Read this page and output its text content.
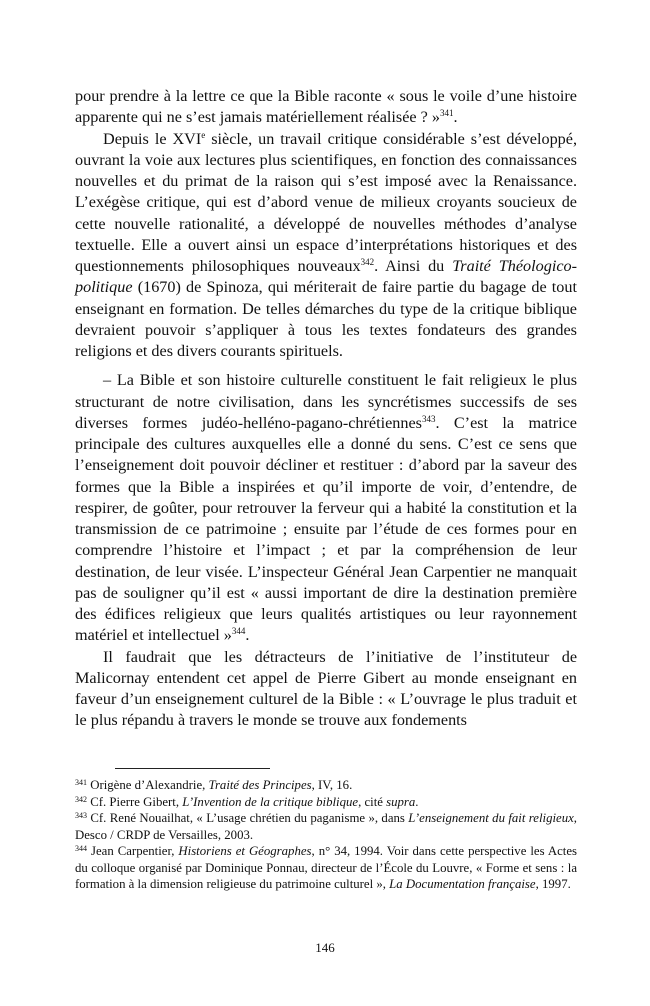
pour prendre à la lettre ce que la Bible raconte « sous le voile d’une histoire apparente qui ne s’est jamais matériellement réalisée ? »$^{341}$.

Depuis le XVIe siècle, un travail critique considérable s’est développé, ouvrant la voie aux lectures plus scientifiques, en fonction des connaissances nouvelles et du primat de la raison qui s’est imposé avec la Renaissance. L’exégèse critique, qui est d’abord venue de milieux croyants soucieux de cette nouvelle rationalité, a développé de nouvelles méthodes d’analyse textuelle. Elle a ouvert ainsi un espace d’interprétations historiques et des questionnements philosophiques nouveaux$^{342}$. Ainsi du Traité Théologico-politique (1670) de Spinoza, qui mériterait de faire partie du bagage de tout enseignant en formation. De telles démarches du type de la critique biblique devraient pouvoir s’appliquer à tous les textes fondateurs des grandes religions et des divers courants spirituels.

– La Bible et son histoire culturelle constituent le fait religieux le plus structurant de notre civilisation, dans les syncrétismes successifs de ses diverses formes judéo-helléno-pagano-chrétiennes$^{343}$. C’est la matrice principale des cultures auxquelles elle a donné du sens. C’est ce sens que l’enseignement doit pouvoir décliner et restituer : d’abord par la saveur des formes que la Bible a inspirées et qu’il importe de voir, d’entendre, de respirer, de goûter, pour retrouver la ferveur qui a habité la constitution et la transmission de ce patrimoine ; ensuite par l’étude de ces formes pour en comprendre l’histoire et l’impact ; et par la compréhension de leur destination, de leur visée. L’inspecteur Général Jean Carpentier ne manquait pas de souligner qu’il est « aussi important de dire la destination première des édifices religieux que leurs qualités artistiques ou leur rayonnement matériel et intellectuel »$^{344}$.

Il faudrait que les détracteurs de l’initiative de l’instituteur de Malicornay entendent cet appel de Pierre Gibert au monde enseignant en faveur d’un enseignement culturel de la Bible : « L’ouvrage le plus traduit et le plus répandu à travers le monde se trouve aux fondements

$^{341}$ Origène d’Alexandrie, Traité des Principes, IV, 16.

$^{342}$ Cf. Pierre Gibert, L’Invention de la critique biblique, cité supra.

$^{343}$ Cf. René Nouailhat, « L’usage chrétien du paganisme », dans L’enseignement du fait religieux, Desco / CRDP de Versailles, 2003.

$^{344}$ Jean Carpentier, Historiens et Géographes, n° 34, 1994. Voir dans cette perspective les Actes du colloque organisé par Dominique Ponnau, directeur de l’École du Louvre, « Forme et sens : la formation à la dimension religieuse du patrimoine culturel », La Documentation française, 1997.

146
